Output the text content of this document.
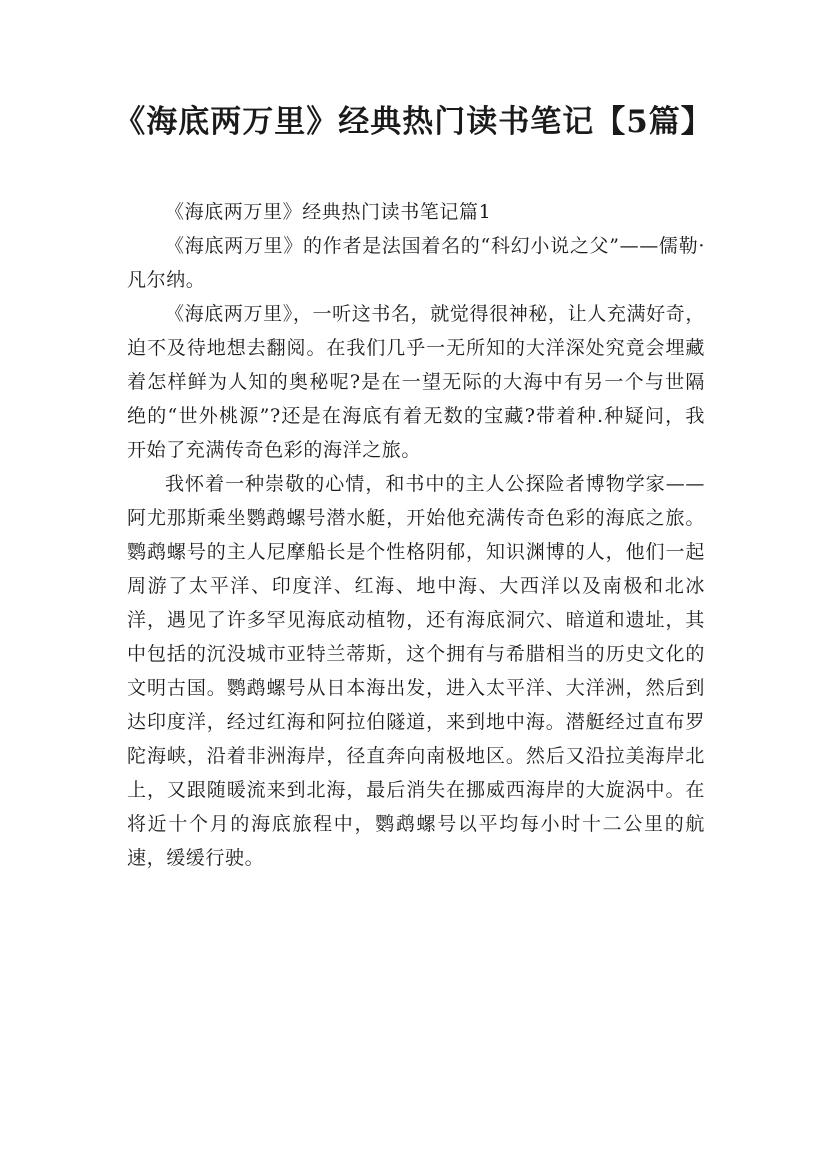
《海底两万里》经典热门读书笔记【5篇】

《海底两万里》经典热门读书笔记篇1

《海底两万里》的作者是法国着名的“科幻小说之父”——儒勒·凡尔纳。

《海底两万里》，一听这书名，就觉得很神秘，让人充满好奇，迫不及待地想去翻阅。在我们几乎一无所知的大洋深处究竟会埋藏着怎样鲜为人知的奥秘呢?是在一望无际的大海中有另一个与世隔绝的“世外桃源”?还是在海底有着无数的宝藏?带着种.种疑问，我开始了充满传奇色彩的海洋之旅。

我怀着一种崇敬的心情，和书中的主人公探险者博物学家——阿尤那斯乘坐鹦鹉螺号潜水艇，开始他充满传奇色彩的海底之旅。鹦鹉螺号的主人尼摩船长是个性格阴郁，知识渊博的人，他们一起周游了太平洋、印度洋、红海、地中海、大西洋以及南极和北冰洋，遇见了许多罕见海底动植物，还有海底洞穴、暗道和遗址，其中包括的沉没城市亚特兰蒂斯，这个拥有与希腊相当的历史文化的文明古国。鹦鹉螺号从日本海出发，进入太平洋、大洋洲，然后到达印度洋，经过红海和阿拉伯隧道，来到地中海。潜艇经过直布罗陀海峡，沿着非洲海岸，径直奔向南极地区。然后又沿拉美海岸北上，又跟随暖流来到北海，最后消失在挪威西海岸的大旋涡中。在将近十个月的海底旅程中，鹦鹉螺号以平均每小时十二公里的航速，缓缓行驶。
